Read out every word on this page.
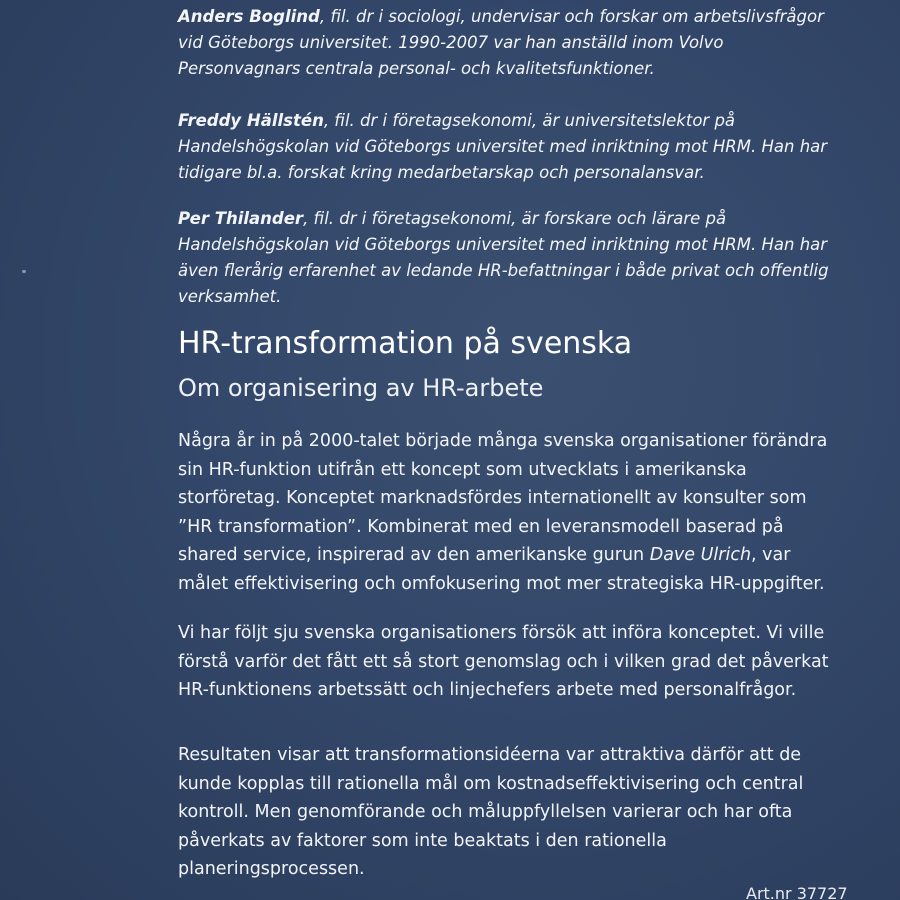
Anders Boglind, fil. dr i sociologi, undervisar och forskar om arbetslivsfrågor vid Göteborgs universitet. 1990-2007 var han anställd inom Volvo Personvagnars centrala personal- och kvalitetsfunktioner.

Freddy Hällstén, fil. dr i företagsekonomi, är universitetslektor på Handelshögskolan vid Göteborgs universitet med inriktning mot HRM. Han har tidigare bl.a. forskat kring medarbetarskap och personalansvar.

Per Thilander, fil. dr i företagsekonomi, är forskare och lärare på Handelshögskolan vid Göteborgs universitet med inriktning mot HRM. Han har även flerårig erfarenhet av ledande HR-befattningar i både privat och offentlig verksamhet.

HR-transformation på svenska
Om organisering av HR-arbete

Några år in på 2000-talet började många svenska organisationer förändra sin HR-funktion utifrån ett koncept som utvecklats i amerikanska storföretag. Konceptet marknadsfördes internationellt av konsulter som ”HR transformation”. Kombinerat med en leveransmodell baserad på shared service, inspirerad av den amerikanske gurun Dave Ulrich, var målet effektivisering och omfokusering mot mer strategiska HR-uppgifter.

Vi har följt sju svenska organisationers försök att införa konceptet. Vi ville förstå varför det fått ett så stort genomslag och i vilken grad det påverkat HR-funktionens arbetssätt och linjechefers arbete med personalfrågor.

Resultaten visar att transformationsidéerna var attraktiva därför att de kunde kopplas till rationella mål om kostnadseffektivisering och central kontroll. Men genomförande och måluppfyllelsen varierar och har ofta påverkats av faktorer som inte beaktats i den rationella planeringsprocessen.

Art.nr 37727
